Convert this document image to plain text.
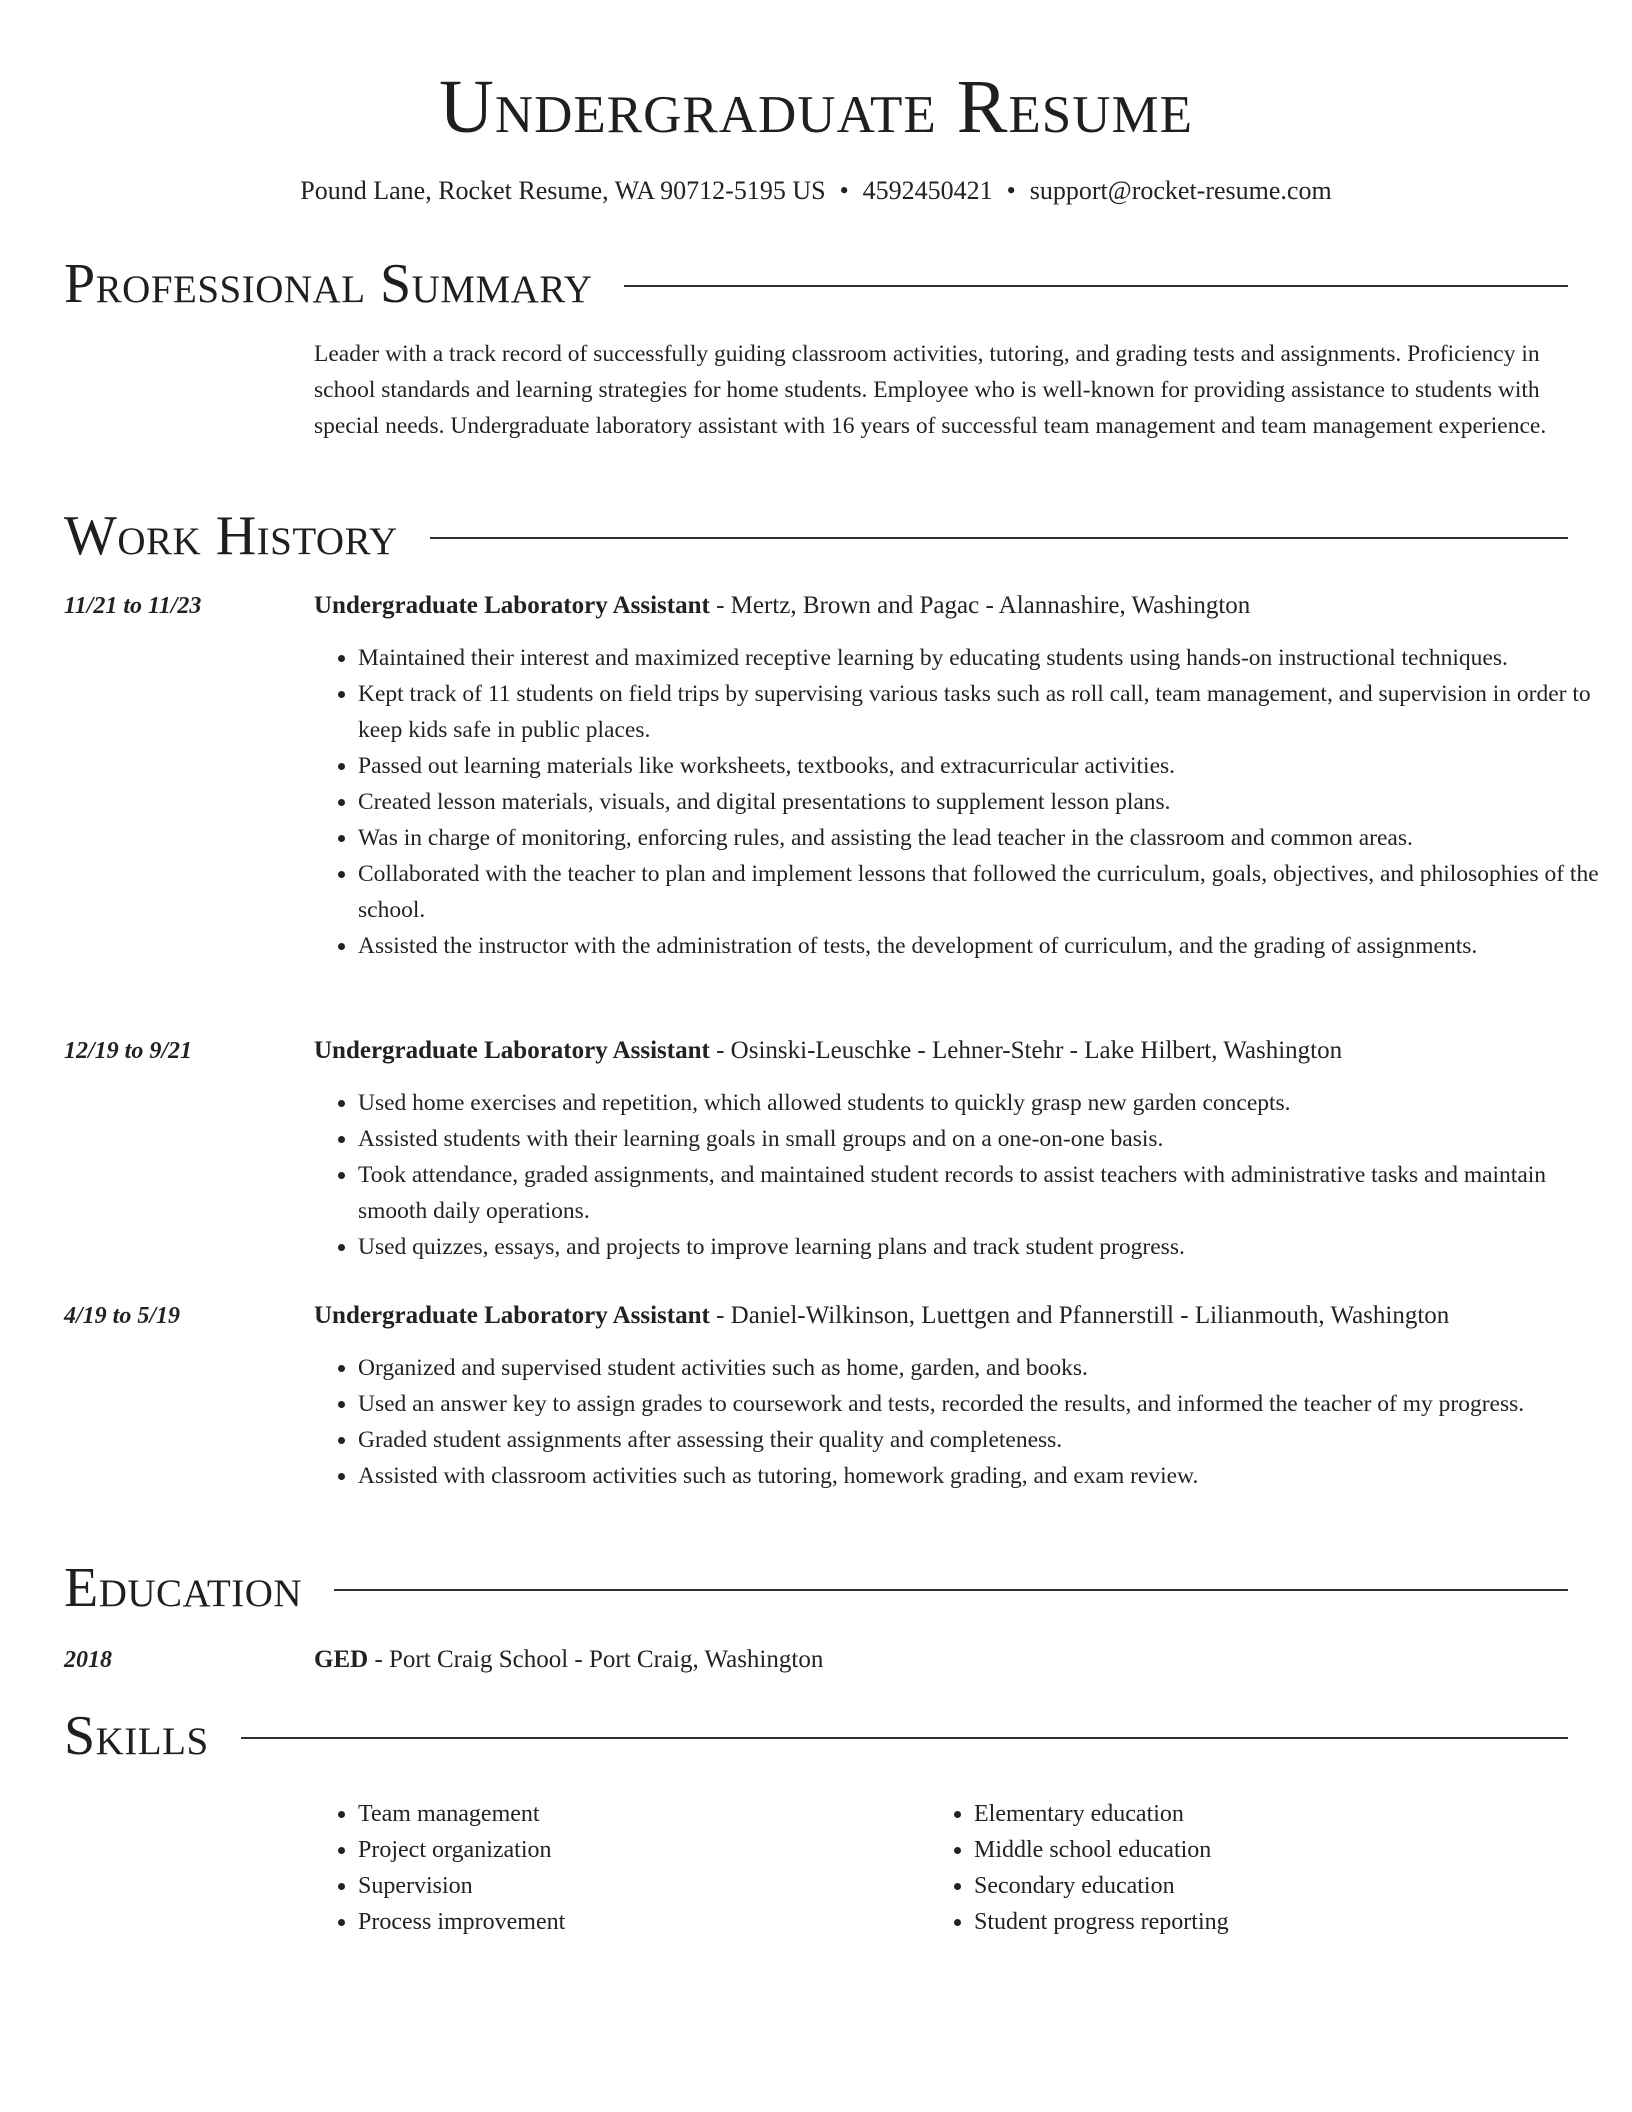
Undergraduate Resume
Pound Lane, Rocket Resume, WA 90712-5195 US • 4592450421 • support@rocket-resume.com
Professional Summary

Leader with a track record of successfully guiding classroom activities, tutoring, and grading tests and assignments. Proficiency in school standards and learning strategies for home students. Employee who is well-known for providing assistance to students with special needs. Undergraduate laboratory assistant with 16 years of successful team management and team management experience.

Work History
11/21 to 11/23	Undergraduate Laboratory Assistant - Mertz, Brown and Pagac - Alannashire, Washington
• Maintained their interest and maximized receptive learning by educating students using hands-on instructional techniques.
• Kept track of 11 students on field trips by supervising various tasks such as roll call, team management, and supervision in order to keep kids safe in public places.
• Passed out learning materials like worksheets, textbooks, and extracurricular activities.
• Created lesson materials, visuals, and digital presentations to supplement lesson plans.
• Was in charge of monitoring, enforcing rules, and assisting the lead teacher in the classroom and common areas.
• Collaborated with the teacher to plan and implement lessons that followed the curriculum, goals, objectives, and philosophies of the school.
• Assisted the instructor with the administration of tests, the development of curriculum, and the grading of assignments.
12/19 to 9/21	Undergraduate Laboratory Assistant - Osinski-Leuschke - Lehner-Stehr - Lake Hilbert, Washington
• Used home exercises and repetition, which allowed students to quickly grasp new garden concepts.
• Assisted students with their learning goals in small groups and on a one-on-one basis.
• Took attendance, graded assignments, and maintained student records to assist teachers with administrative tasks and maintain smooth daily operations.
• Used quizzes, essays, and projects to improve learning plans and track student progress.
4/19 to 5/19	Undergraduate Laboratory Assistant - Daniel-Wilkinson, Luettgen and Pfannerstill - Lilianmouth, Washington
• Organized and supervised student activities such as home, garden, and books.
• Used an answer key to assign grades to coursework and tests, recorded the results, and informed the teacher of my progress.
• Graded student assignments after assessing their quality and completeness.
• Assisted with classroom activities such as tutoring, homework grading, and exam review.
Education
2018	GED - Port Craig School - Port Craig, Washington
Skills
• Team management
• Project organization
• Supervision
• Process improvement
• Elementary education
• Middle school education
• Secondary education
• Student progress reporting
